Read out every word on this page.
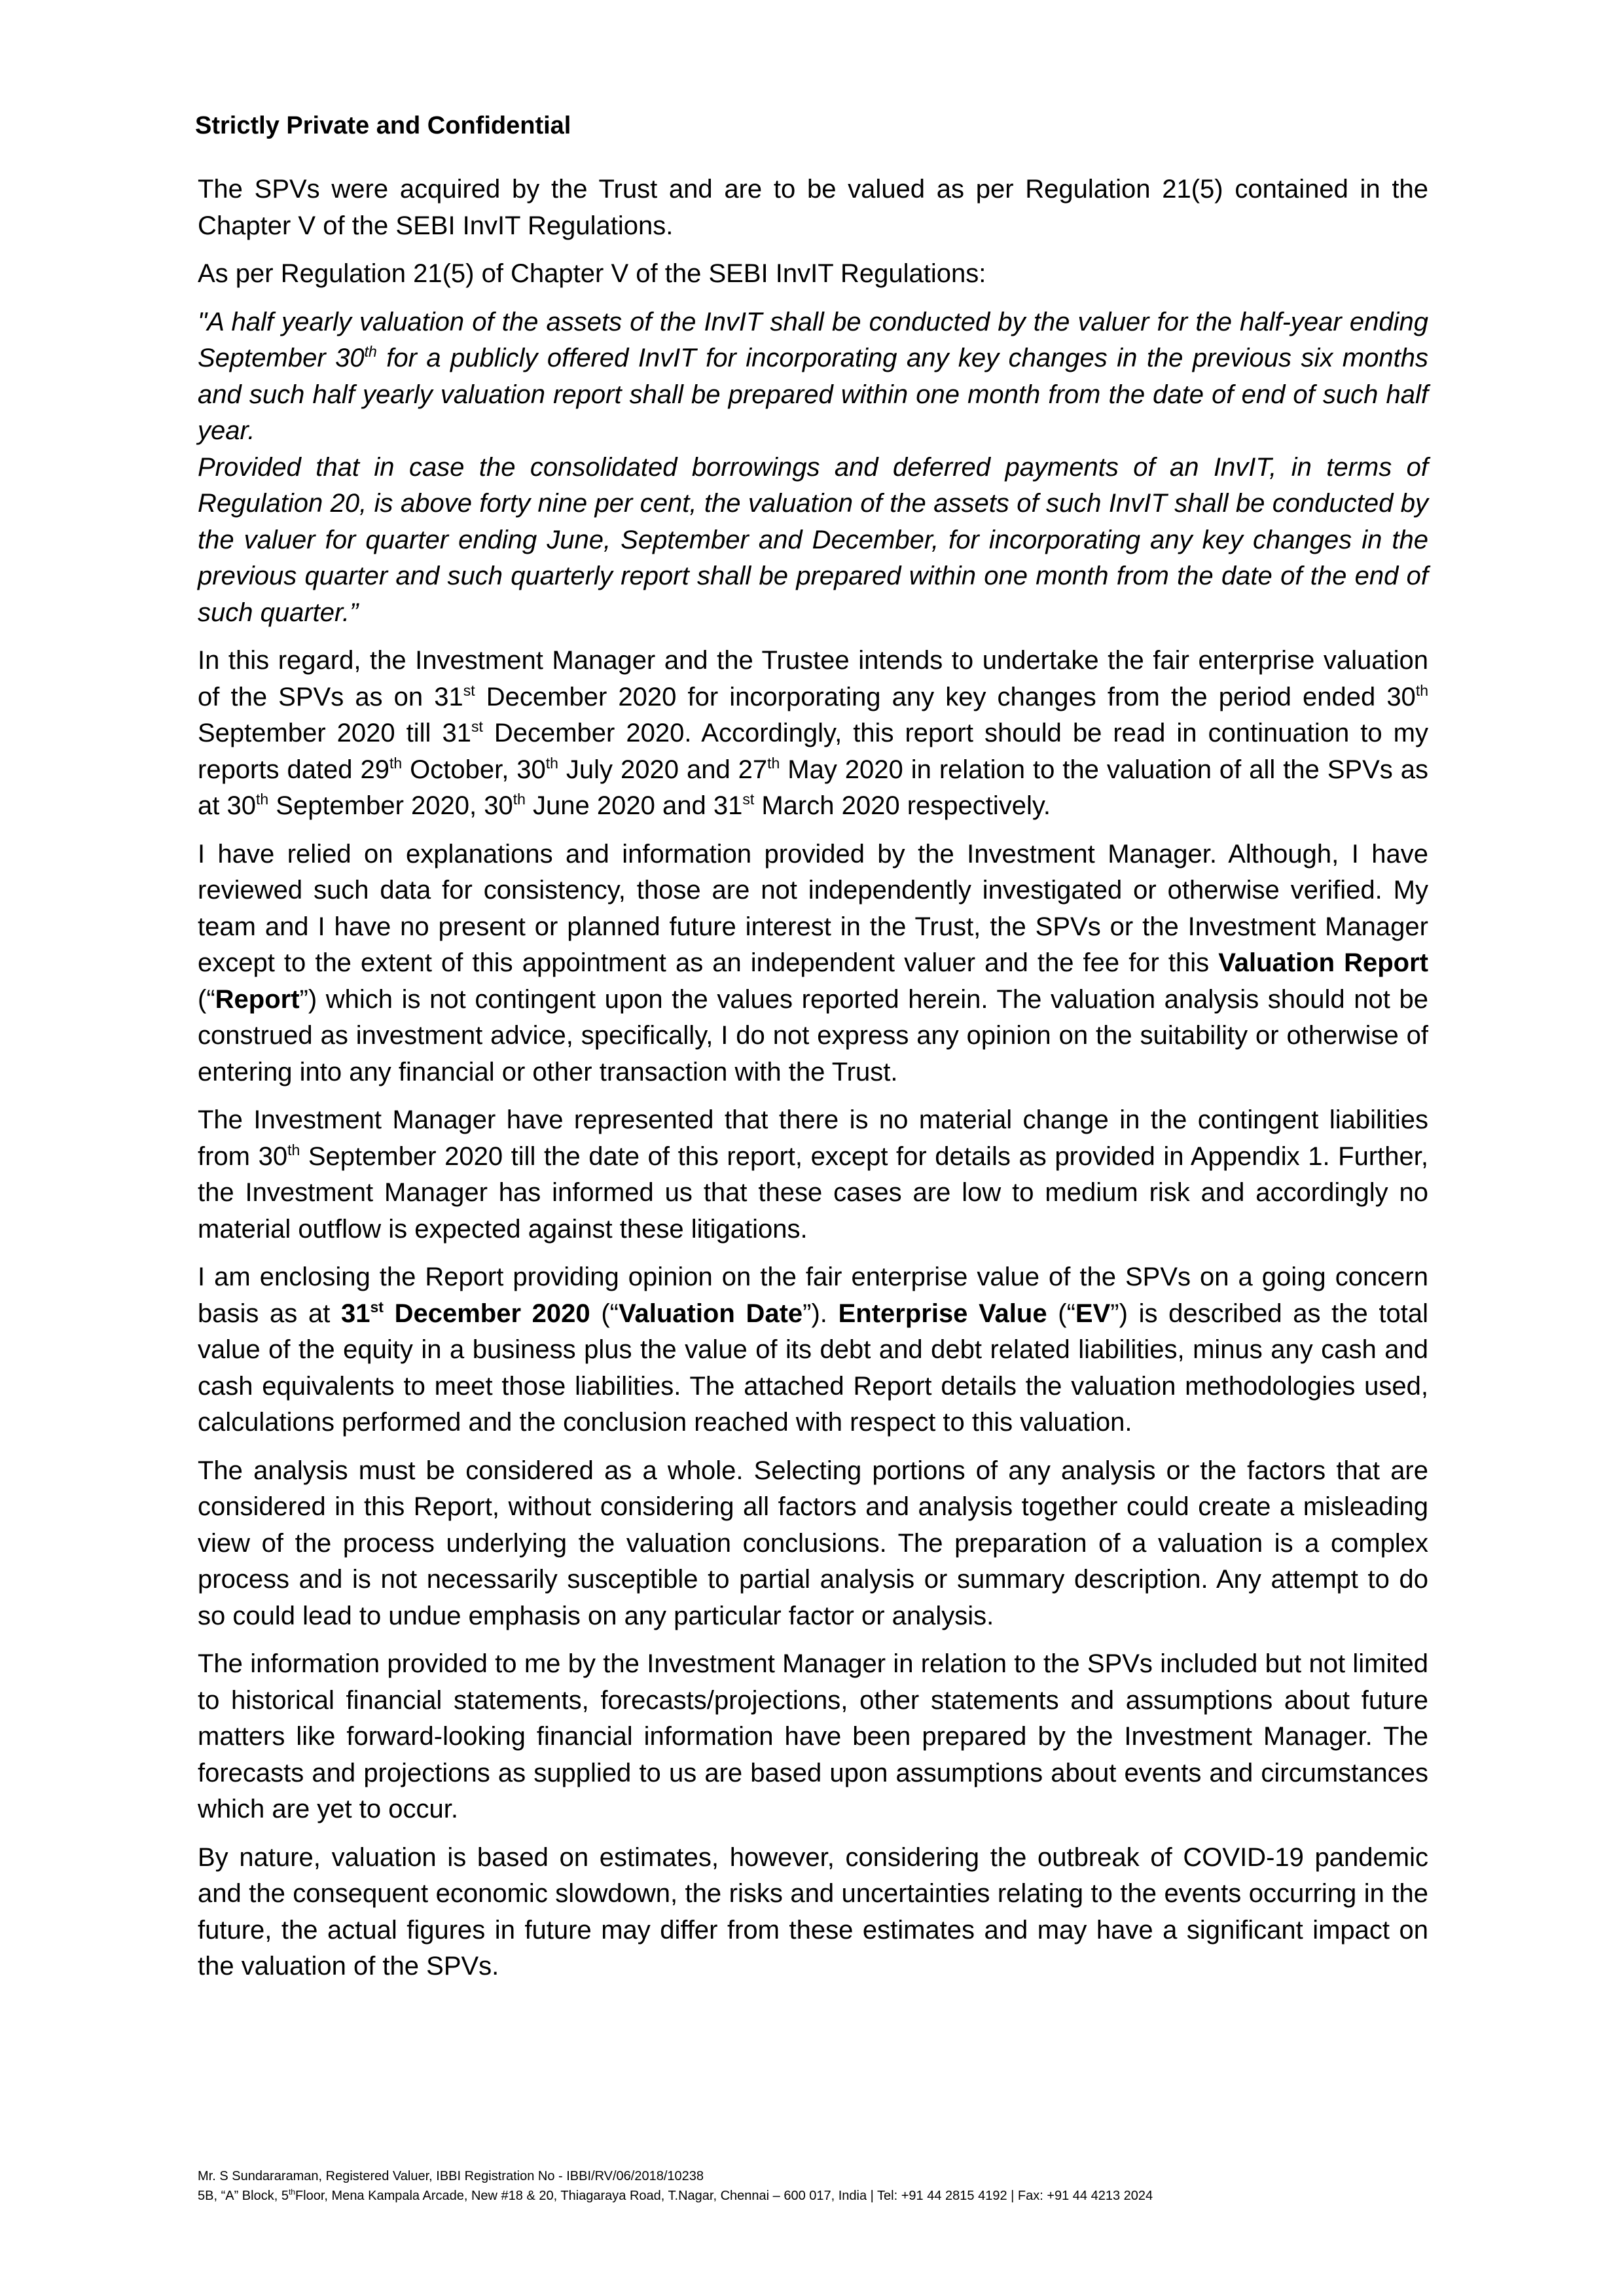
Strictly Private and Confidential

The SPVs were acquired by the Trust and are to be valued as per Regulation 21(5) contained in the Chapter V of the SEBI InvIT Regulations.

As per Regulation 21(5) of Chapter V of the SEBI InvIT Regulations:

"A half yearly valuation of the assets of the InvIT shall be conducted by the valuer for the half-year ending September 30th for a publicly offered InvIT for incorporating any key changes in the previous six months and such half yearly valuation report shall be prepared within one month from the date of end of such half year.

Provided that in case the consolidated borrowings and deferred payments of an InvIT, in terms of Regulation 20, is above forty nine per cent, the valuation of the assets of such InvIT shall be conducted by the valuer for quarter ending June, September and December, for incorporating any key changes in the previous quarter and such quarterly report shall be prepared within one month from the date of the end of such quarter.”

In this regard, the Investment Manager and the Trustee intends to undertake the fair enterprise valuation of the SPVs as on 31st December 2020 for incorporating any key changes from the period ended 30th September 2020 till 31st December 2020. Accordingly, this report should be read in continuation to my reports dated 29th October, 30th July 2020 and 27th May 2020 in relation to the valuation of all the SPVs as at 30th September 2020, 30th June 2020 and 31st March 2020 respectively.

I have relied on explanations and information provided by the Investment Manager. Although, I have reviewed such data for consistency, those are not independently investigated or otherwise verified. My team and I have no present or planned future interest in the Trust, the SPVs or the Investment Manager except to the extent of this appointment as an independent valuer and the fee for this Valuation Report (“Report”) which is not contingent upon the values reported herein. The valuation analysis should not be construed as investment advice, specifically, I do not express any opinion on the suitability or otherwise of entering into any financial or other transaction with the Trust.

The Investment Manager have represented that there is no material change in the contingent liabilities from 30th September 2020 till the date of this report, except for details as provided in Appendix 1. Further, the Investment Manager has informed us that these cases are low to medium risk and accordingly no material outflow is expected against these litigations.

I am enclosing the Report providing opinion on the fair enterprise value of the SPVs on a going concern basis as at 31st December 2020 (“Valuation Date”). Enterprise Value (“EV”) is described as the total value of the equity in a business plus the value of its debt and debt related liabilities, minus any cash and cash equivalents to meet those liabilities. The attached Report details the valuation methodologies used, calculations performed and the conclusion reached with respect to this valuation.

The analysis must be considered as a whole. Selecting portions of any analysis or the factors that are considered in this Report, without considering all factors and analysis together could create a misleading view of the process underlying the valuation conclusions. The preparation of a valuation is a complex process and is not necessarily susceptible to partial analysis or summary description. Any attempt to do so could lead to undue emphasis on any particular factor or analysis.

The information provided to me by the Investment Manager in relation to the SPVs included but not limited to historical financial statements, forecasts/projections, other statements and assumptions about future matters like forward-looking financial information have been prepared by the Investment Manager. The forecasts and projections as supplied to us are based upon assumptions about events and circumstances which are yet to occur.

By nature, valuation is based on estimates, however, considering the outbreak of COVID-19 pandemic and the consequent economic slowdown, the risks and uncertainties relating to the events occurring in the future, the actual figures in future may differ from these estimates and may have a significant impact on the valuation of the SPVs.

Mr. S Sundararaman, Registered Valuer, IBBI Registration No - IBBI/RV/06/2018/10238
5B, “A” Block, 5thFloor, Mena Kampala Arcade, New #18 & 20, Thiagaraya Road, T.Nagar, Chennai – 600 017, India | Tel: +91 44 2815 4192 | Fax: +91 44 4213 2024
